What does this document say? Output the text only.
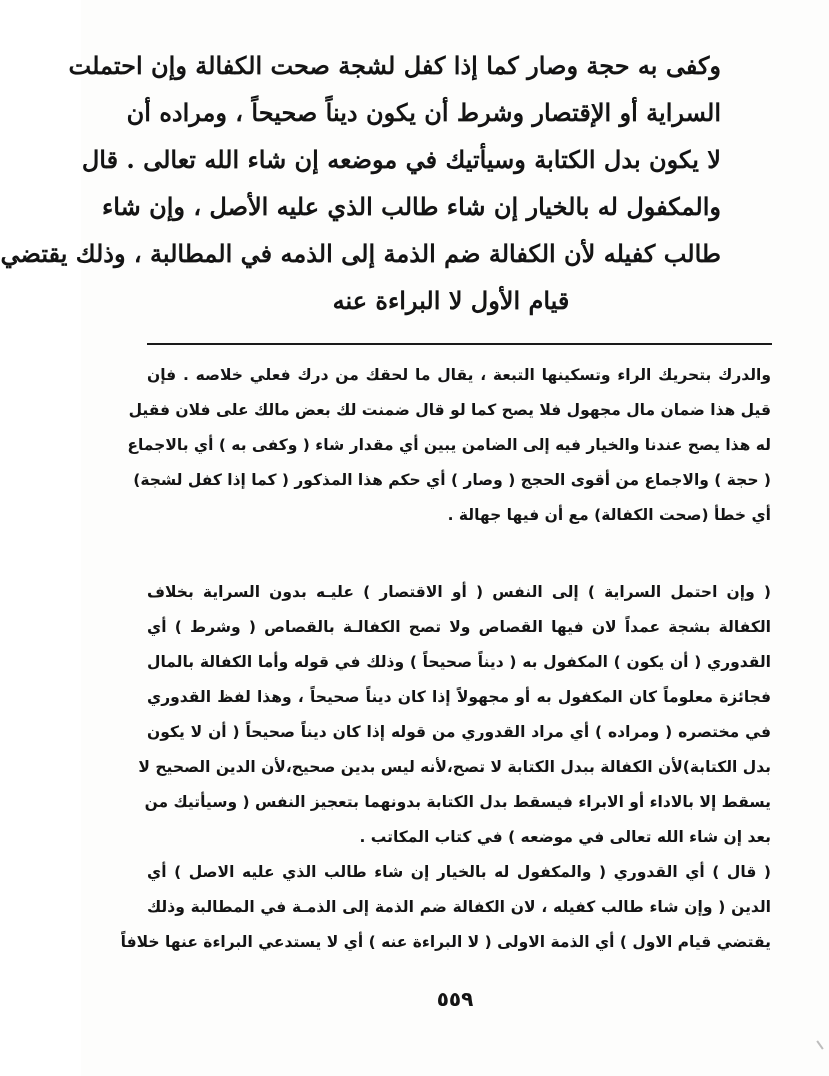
وكفى به حجة وصار كما إذا كفل لشجة صحت الكفالة وإن احتملت
السراية أو الإقتصار وشرط أن يكون ديناً صحيحاً ، ومراده أن
لا يكون بدل الكتابة وسيأتيك في موضعه إن شاء الله تعالى . قال
والمكفول له بالخيار إن شاء طالب الذي عليه الأصل ، وإن شاء
طالب كفيله لأن الكفالة ضم الذمة إلى الذمه في المطالبة ، وذلك يقتضي
قيام الأول لا البراءة عنه
والدرك بتحريك الراء وتسكينها التبعة ، يقال ما لحقك من درك فعلي خلاصه . فإن
قيل هذا ضمان مال مجهول فلا يصح كما لو قال ضمنت لك بعض مالك على فلان فقيل
له هذا يصح عندنا والخيار فيه إلى الضامن يبين أي مقدار شاء ( وكفى به ) أي بالاجماع
( حجة ) والاجماع من أقوى الحجج ( وصار ) أي حكم هذا المذكور ( كما إذا كفل لشجة)
أي خطأ (صحت الكفالة) مع أن فيها جهالة .
( وإن احتمل السراية ) إلى النفس ( أو الاقتصار ) عليـه بدون السراية بخلاف
الكفالة بشجة عمداً لان فيها القصاص ولا تصح الكفالـة بالقصاص ( وشرط ) أي
القدوري ( أن يكون ) المكفول به ( ديناً صحيحاً ) وذلك في قوله وأما الكفالة بالمال
فجائزة معلوماً كان المكفول به أو مجهولاً إذا كان ديناً صحيحاً ، وهذا لفظ القدوري
في مختصره ( ومراده ) أي مراد القدوري من قوله إذا كان ديناً صحيحاً ( أن لا يكون
بدل الكتابة)لأن الكفالة ببدل الكتابة لا تصح،لأنه ليس بدين صحيح،لأن الدين الصحيح لا
يسقط إلا بالاداء أو الابراء فيسقط بدل الكتابة بدونهما بتعجيز النفس ( وسيأتيك من
بعد إن شاء الله تعالى في موضعه ) في كتاب المكاتب .
( قال ) أي القدوري ( والمكفول له بالخيار إن شاء طالب الذي عليه الاصل ) أي
الدين ( وإن شاء طالب كفيله ، لان الكفالة ضم الذمة إلى الذمـة في المطالبة وذلك
يقتضي قيام الاول ) أي الذمة الاولى ( لا البراءة عنه ) أي لا يستدعي البراءة عنها خلافاً
٥٥٩
